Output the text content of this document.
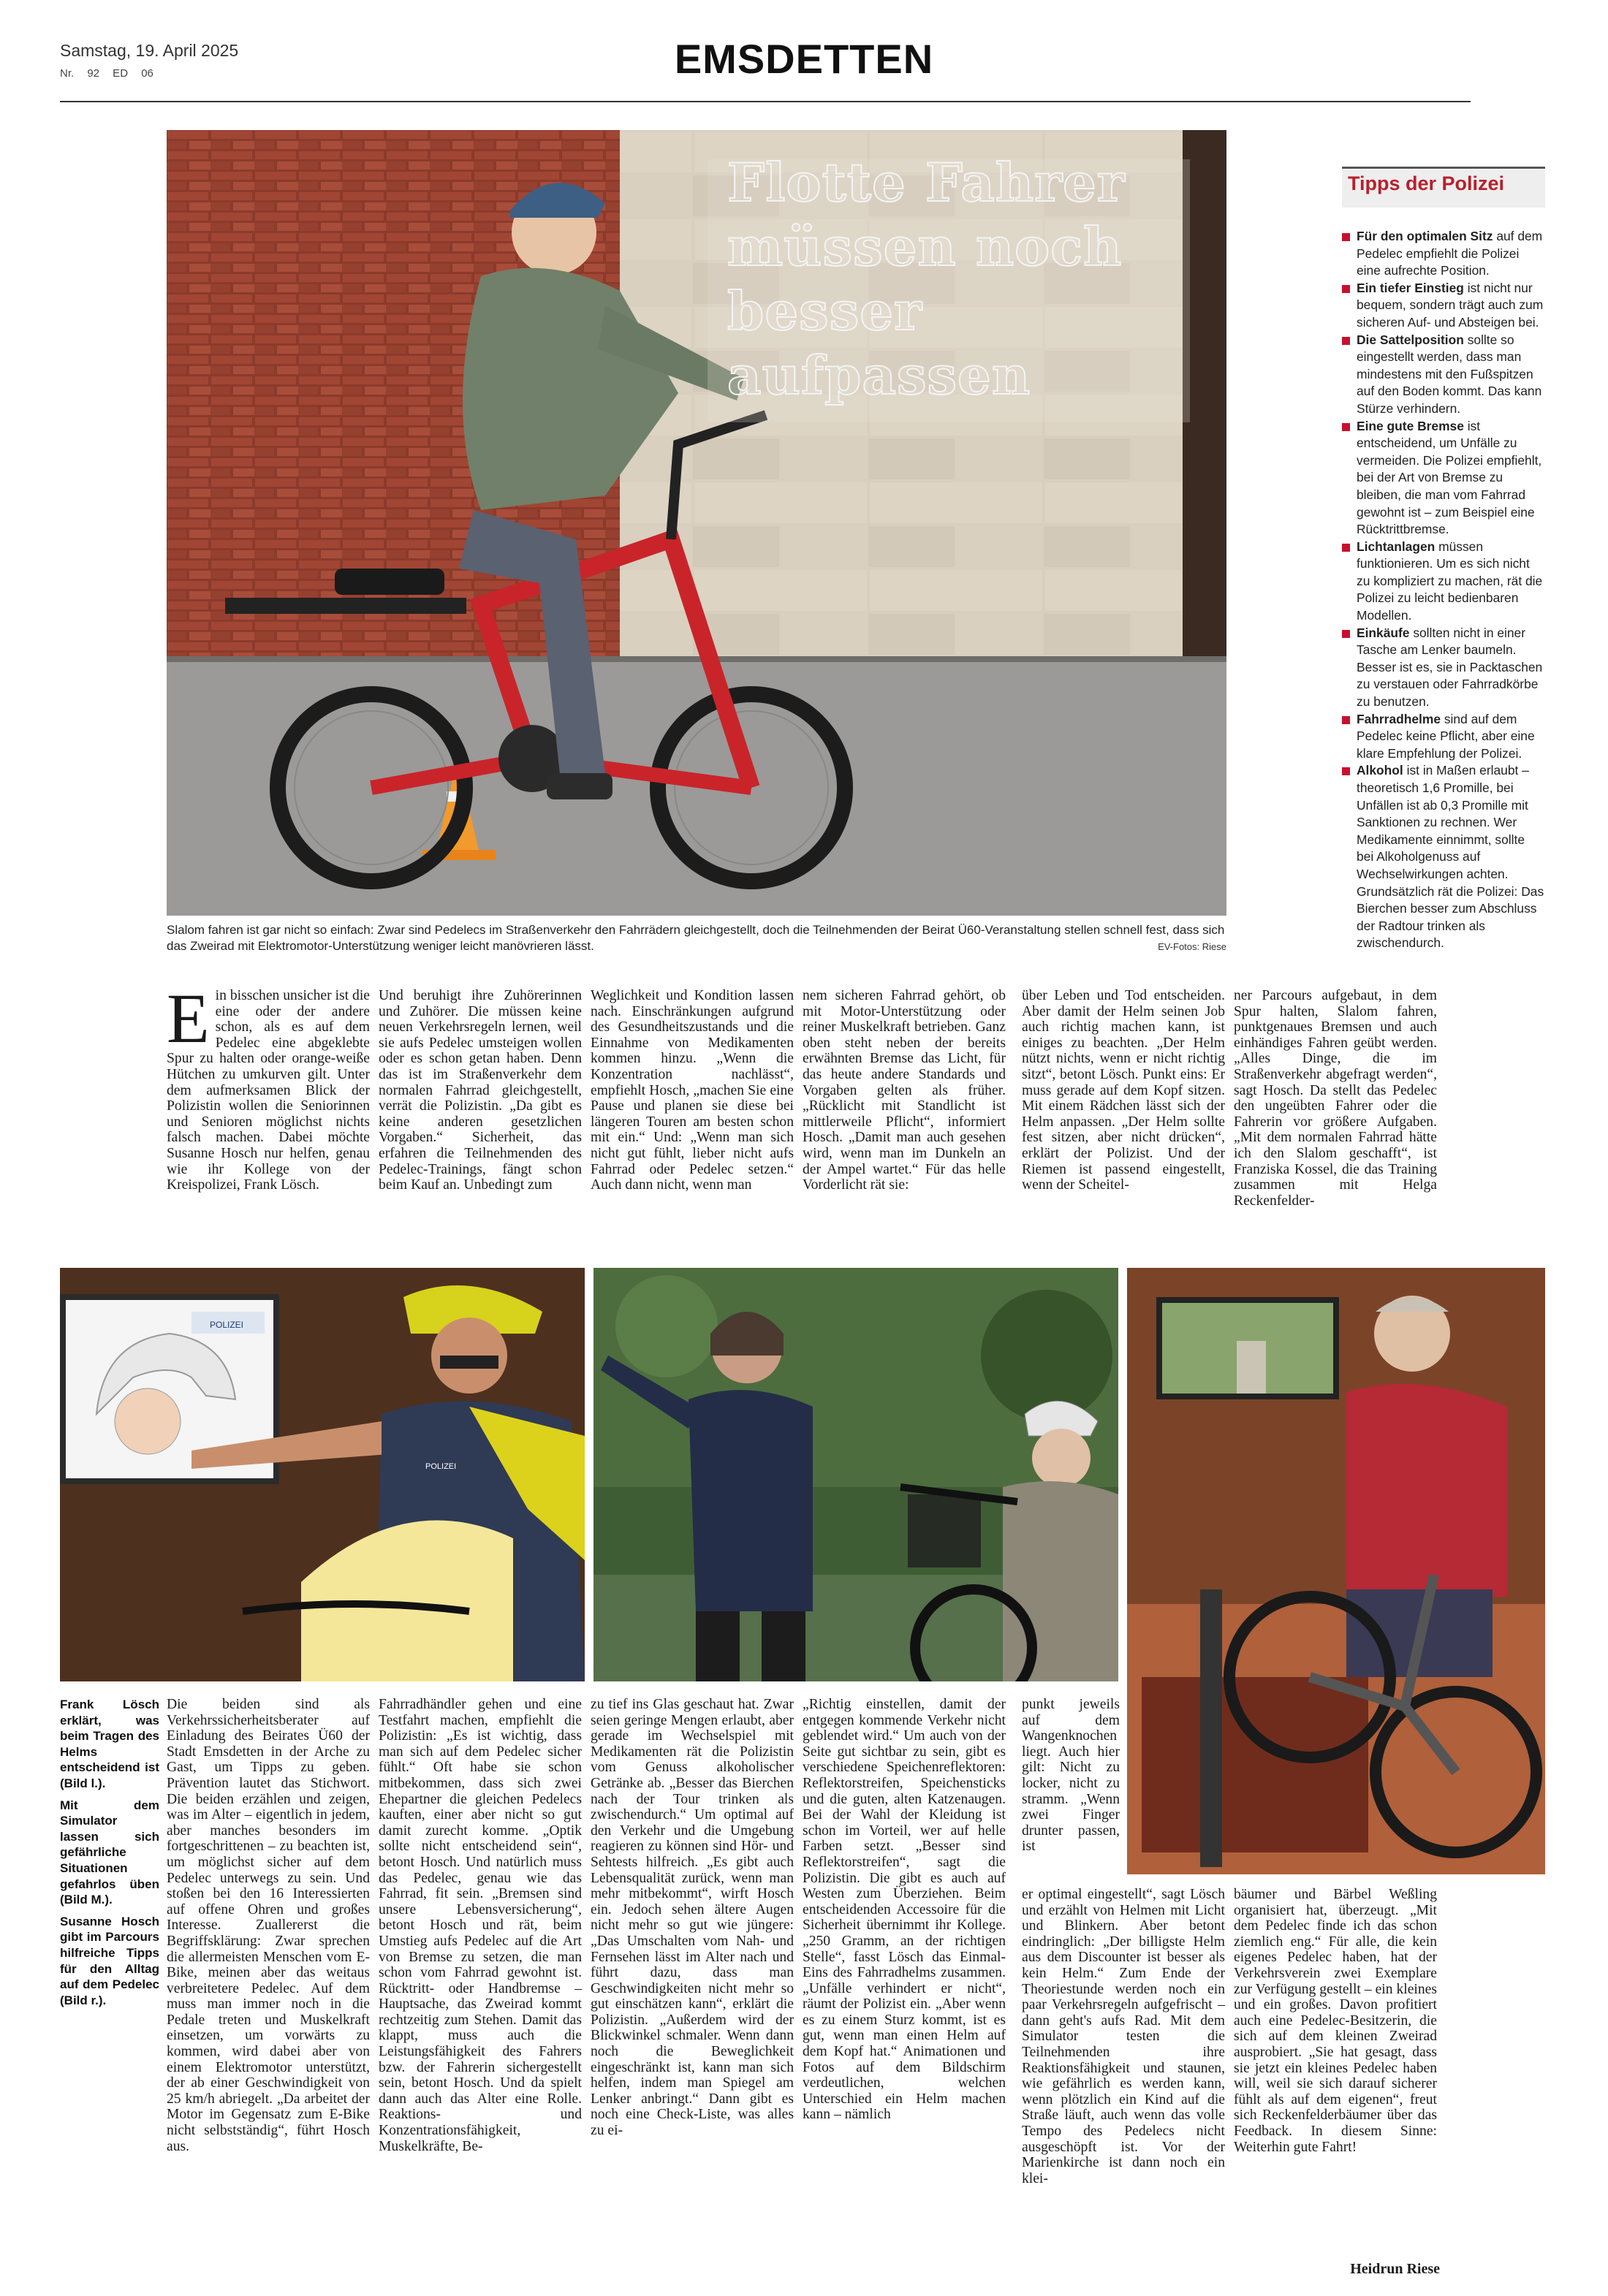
Samstag, 19. April 2025
Nr. 92 ED 06	EMSDETTEN
Flotte Fahrer
müssen noch
besser aufpassen
Tipps der Polizei
Für den optimalen Sitz auf dem Pedelec empfiehlt die Polizei eine aufrechte Position.
Ein tiefer Einstieg ist nicht nur bequem, sondern trägt auch zum sicheren Auf- und Absteigen bei.
Die Sattelposition sollte so eingestellt werden, dass man mindestens mit den Fußspitzen auf den Boden kommt. Das kann Stürze verhindern.
Eine gute Bremse ist entscheidend, um Unfälle zu vermeiden. Die Polizei empfiehlt, bei der Art von Bremse zu bleiben, die man vom Fahrrad gewohnt ist – zum Beispiel eine Rücktrittbremse.
Lichtanlagen müssen funktionieren. Um es sich nicht zu kompliziert zu machen, rät die Polizei zu leicht bedienbaren Modellen.
Einkäufe sollten nicht in einer Tasche am Lenker baumeln. Besser ist es, sie in Packtaschen zu verstauen oder Fahrradkörbe zu benutzen.
Fahrradhelme sind auf dem Pedelec keine Pflicht, aber eine klare Empfehlung der Polizei.
Alkohol ist in Maßen erlaubt – theoretisch 1,6 Promille, bei Unfällen ist ab 0,3 Promille mit Sanktionen zu rechnen. Wer Medikamente einnimmt, sollte bei Alkoholgenuss auf Wechselwirkungen achten. Grundsätzlich rät die Polizei: Das Bierchen besser zum Abschluss der Radtour trinken als zwischendurch.
Slalom fahren ist gar nicht so einfach: Zwar sind Pedelecs im Straßenverkehr den Fahrrädern gleichgestellt, doch die Teilnehmenden der Beirat Ü60-Veranstaltung stellen schnell fest, dass sich das Zweirad mit Elektromotor-Unterstützung weniger leicht manövrieren lässt.	EV-Fotos: Riese
Ein bisschen unsicher ist die eine oder der andere schon, als es auf dem Pedelec eine abgeklebte Spur zu halten oder orange-weiße Hütchen zu umkurven gilt. Unter dem aufmerksamen Blick der Polizistin wollen die Seniorinnen und Senioren möglichst nichts falsch machen. Dabei möchte Susanne Hosch nur helfen, genau wie ihr Kollege von der Kreispolizei, Frank Lösch.
Und beruhigt ihre Zuhörerinnen und Zuhörer. Die müssen keine neuen Verkehrsregeln lernen, weil sie aufs Pedelec umsteigen wollen oder es schon getan haben. Denn das ist im Straßenverkehr dem normalen Fahrrad gleichgestellt, verrät die Polizistin. „Da gibt es keine anderen gesetzlichen Vorgaben.“ Sicherheit, das erfahren die Teilnehmenden des Pedelec-Trainings, fängt schon beim Kauf an. Unbedingt zum
Weglichkeit und Kondition lassen nach. Einschränkungen aufgrund des Gesundheitszustands und die Einnahme von Medikamenten kommen hinzu. „Wenn die Konzentration nachlässt“, empfiehlt Hosch, „machen Sie eine Pause und planen sie diese bei längeren Touren am besten schon mit ein.“ Und: „Wenn man sich nicht gut fühlt, lieber nicht aufs Fahrrad oder Pedelec setzen.“ Auch dann nicht, wenn man
nem sicheren Fahrrad gehört, ob mit Motor-Unterstützung oder reiner Muskelkraft betrieben. Ganz oben steht neben der bereits erwähnten Bremse das Licht, für das heute andere Standards und Vorgaben gelten als früher. „Rücklicht mit Standlicht ist mittlerweile Pflicht“, informiert Hosch. „Damit man auch gesehen wird, wenn man im Dunkeln an der Ampel wartet.“ Für das helle Vorderlicht rät sie:
über Leben und Tod entscheiden. Aber damit der Helm seinen Job auch richtig machen kann, ist einiges zu beachten. „Der Helm nützt nichts, wenn er nicht richtig sitzt“, betont Lösch. Punkt eins: Er muss gerade auf dem Kopf sitzen. Mit einem Rädchen lässt sich der Helm anpassen. „Der Helm sollte fest sitzen, aber nicht drücken“, erklärt der Polizist. Und der Riemen ist passend eingestellt, wenn der Scheitel-
ner Parcours aufgebaut, in dem Spur halten, Slalom fahren, punktgenaues Bremsen und auch einhändiges Fahren geübt werden. „Alles Dinge, die im Straßenverkehr abgefragt werden“, sagt Hosch. Da stellt das Pedelec den ungeübten Fahrer oder die Fahrerin vor größere Aufgaben. „Mit dem normalen Fahrrad hätte ich den Slalom geschafft“, ist Franziska Kossel, die das Training zusammen mit Helga Reckenfelder-
POLIZEI
POLIZEI

Frank Lösch erklärt, was beim Tragen des Helms entscheidend ist (Bild l.).

Mit dem Simulator lassen sich gefährliche Situationen gefahrlos üben (Bild M.).

Susanne Hosch gibt im Parcours hilfreiche Tipps für den Alltag auf dem Pedelec (Bild r.).

Die beiden sind als Verkehrssicherheitsberater auf Einladung des Beirates Ü60 der Stadt Emsdetten in der Arche zu Gast, um Tipps zu geben. Prävention lautet das Stichwort. Die beiden erzählen und zeigen, was im Alter – eigentlich in jedem, aber manches besonders im fortgeschrittenen – zu beachten ist, um möglichst sicher auf dem Pedelec unterwegs zu sein. Und stoßen bei den 16 Interessierten auf offene Ohren und großes Interesse. Zuallererst die Begriffsklärung: Zwar sprechen die allermeisten Menschen vom E-Bike, meinen aber das weitaus verbreitetere Pedelec. Auf dem muss man immer noch in die Pedale treten und Muskelkraft einsetzen, um vorwärts zu kommen, wird dabei aber von einem Elektromotor unterstützt, der ab einer Geschwindigkeit von 25 km/h abriegelt. „Da arbeitet der Motor im Gegensatz zum E-Bike nicht selbstständig“, führt Hosch aus.
Fahrradhändler gehen und eine Testfahrt machen, empfiehlt die Polizistin: „Es ist wichtig, dass man sich auf dem Pedelec sicher fühlt.“ Oft habe sie schon mitbekommen, dass sich zwei Ehepartner die gleichen Pedelecs kauften, einer aber nicht so gut damit zurecht komme. „Optik sollte nicht entscheidend sein“, betont Hosch. Und natürlich muss das Pedelec, genau wie das Fahrrad, fit sein. „Bremsen sind unsere Lebensversicherung“, betont Hosch und rät, beim Umstieg aufs Pedelec auf die Art von Bremse zu setzen, die man schon vom Fahrrad gewohnt ist. Rücktritt- oder Handbremse – Hauptsache, das Zweirad kommt rechtzeitig zum Stehen. Damit das klappt, muss auch die Leistungsfähigkeit des Fahrers bzw. der Fahrerin sichergestellt sein, betont Hosch. Und da spielt dann auch das Alter eine Rolle. Reaktions- und Konzentrationsfähigkeit, Muskelkräfte, Be-
zu tief ins Glas geschaut hat. Zwar seien geringe Mengen erlaubt, aber gerade im Wechselspiel mit Medikamenten rät die Polizistin vom Genuss alkoholischer Getränke ab. „Besser das Bierchen nach der Tour trinken als zwischendurch.“ Um optimal auf den Verkehr und die Umgebung reagieren zu können sind Hör- und Sehtests hilfreich. „Es gibt auch Lebensqualität zurück, wenn man mehr mitbekommt“, wirft Hosch ein. Jedoch sehen ältere Augen nicht mehr so gut wie jüngere: „Das Umschalten vom Nah- und Fernsehen lässt im Alter nach und führt dazu, dass man Geschwindigkeiten nicht mehr so gut einschätzen kann“, erklärt die Polizistin. „Außerdem wird der Blickwinkel schmaler. Wenn dann noch die Beweglichkeit eingeschränkt ist, kann man sich helfen, indem man Spiegel am Lenker anbringt.“ Dann gibt es noch eine Check-Liste, was alles zu ei-
„Richtig einstellen, damit der entgegen kommende Verkehr nicht geblendet wird.“ Um auch von der Seite gut sichtbar zu sein, gibt es verschiedene Speichenreflektoren: Reflektorstreifen, Speichensticks und die guten, alten Katzenaugen. Bei der Wahl der Kleidung ist schon im Vorteil, wer auf helle Farben setzt. „Besser sind Reflektorstreifen“, sagt die Polizistin. Die gibt es auch auf Westen zum Überziehen. Beim entscheidenden Accessoire für die Sicherheit übernimmt ihr Kollege. „250 Gramm, an der richtigen Stelle“, fasst Lösch das Einmal-Eins des Fahrradhelms zusammen. „Unfälle verhindert er nicht“, räumt der Polizist ein. „Aber wenn es zu einem Sturz kommt, ist es gut, wenn man einen Helm auf dem Kopf hat.“ Animationen und Fotos auf dem Bildschirm verdeutlichen, welchen Unterschied ein Helm machen kann – nämlich
punkt jeweils auf dem Wangenknochen liegt. Auch hier gilt: Nicht zu locker, nicht zu stramm. „Wenn zwei Finger drunter passen, ist
er optimal eingestellt“, sagt Lösch und erzählt von Helmen mit Licht und Blinkern. Aber betont eindringlich: „Der billigste Helm aus dem Discounter ist besser als kein Helm.“ Zum Ende der Theoriestunde werden noch ein paar Verkehrsregeln aufgefrischt – dann geht's aufs Rad. Mit dem Simulator testen die Teilnehmenden ihre Reaktionsfähigkeit und staunen, wie gefährlich es werden kann, wenn plötzlich ein Kind auf die Straße läuft, auch wenn das volle Tempo des Pedelecs nicht ausgeschöpft ist. Vor der Marienkirche ist dann noch ein klei-
bäumer und Bärbel Weßling organisiert hat, überzeugt. „Mit dem Pedelec finde ich das schon ziemlich eng.“ Für alle, die kein eigenes Pedelec haben, hat der Verkehrsverein zwei Exemplare zur Verfügung gestellt – ein kleines und ein großes. Davon profitiert auch eine Pedelec-Besitzerin, die sich auf dem kleinen Zweirad ausprobiert. „Sie hat gesagt, dass sie jetzt ein kleines Pedelec haben will, weil sie sich darauf sicherer fühlt als auf dem eigenen“, freut sich Reckenfelderbäumer über das Feedback. In diesem Sinne: Weiterhin gute Fahrt!
Heidrun Riese
